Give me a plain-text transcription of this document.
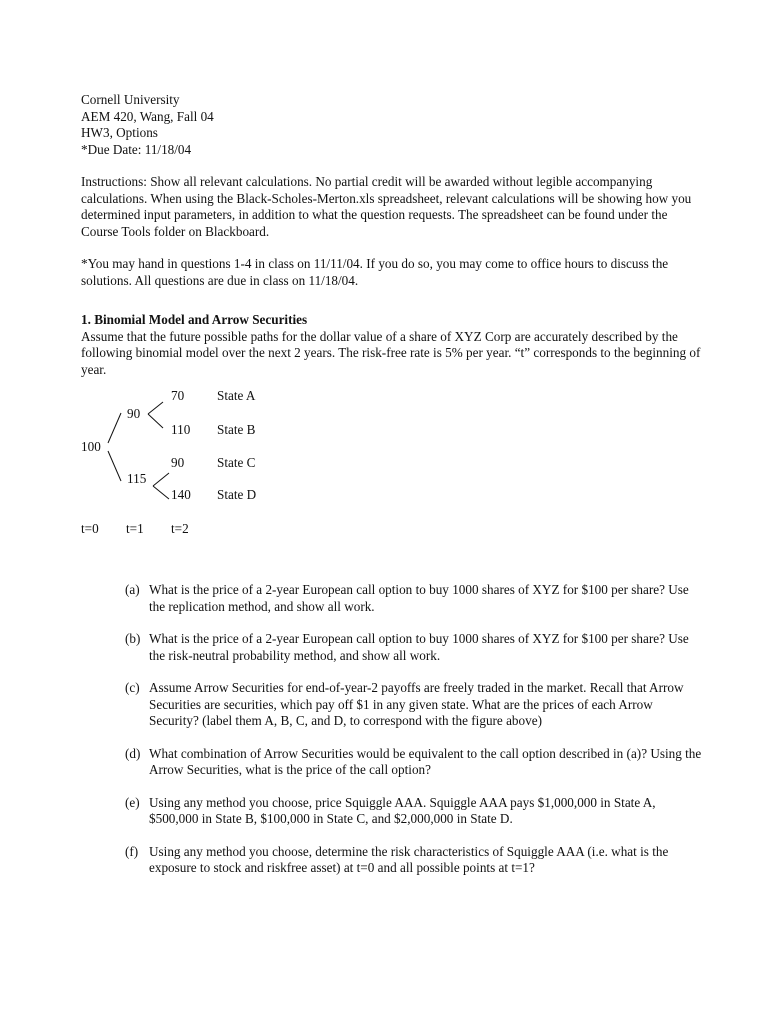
Cornell University
AEM 420, Wang, Fall 04
HW3, Options
*Due Date: 11/18/04

Instructions: Show all relevant calculations. No partial credit will be awarded without legible accompanying calculations. When using the Black-Scholes-Merton.xls spreadsheet, relevant calculations will be showing how you determined input parameters, in addition to what the question requests. The spreadsheet can be found under the Course Tools folder on Blackboard.

*You may hand in questions 1-4 in class on 11/11/04. If you do so, you may come to office hours to discuss the solutions. All questions are due in class on 11/18/04.

1. Binomial Model and Arrow Securities

Assume that the future possible paths for the dollar value of a share of XYZ Corp are accurately described by the following binomial model over the next 2 years. The risk-free rate is 5% per year. “t” corresponds to the beginning of year.

100
90
115
70
110
90
140
State A
State B
State C
State D
t=0 t=1 t=2
(a) What is the price of a 2-year European call option to buy 1000 shares of XYZ for $100 per share? Use the replication method, and show all work.
(b) What is the price of a 2-year European call option to buy 1000 shares of XYZ for $100 per share? Use the risk-neutral probability method, and show all work.
(c) Assume Arrow Securities for end-of-year-2 payoffs are freely traded in the market. Recall that Arrow Securities are securities, which pay off $1 in any given state. What are the prices of each Arrow Security? (label them A, B, C, and D, to correspond with the figure above)
(d) What combination of Arrow Securities would be equivalent to the call option described in (a)? Using the Arrow Securities, what is the price of the call option?
(e) Using any method you choose, price Squiggle AAA. Squiggle AAA pays $1,000,000 in State A, $500,000 in State B, $100,000 in State C, and $2,000,000 in State D.
(f) Using any method you choose, determine the risk characteristics of Squiggle AAA (i.e. what is the exposure to stock and riskfree asset) at t=0 and all possible points at t=1?
